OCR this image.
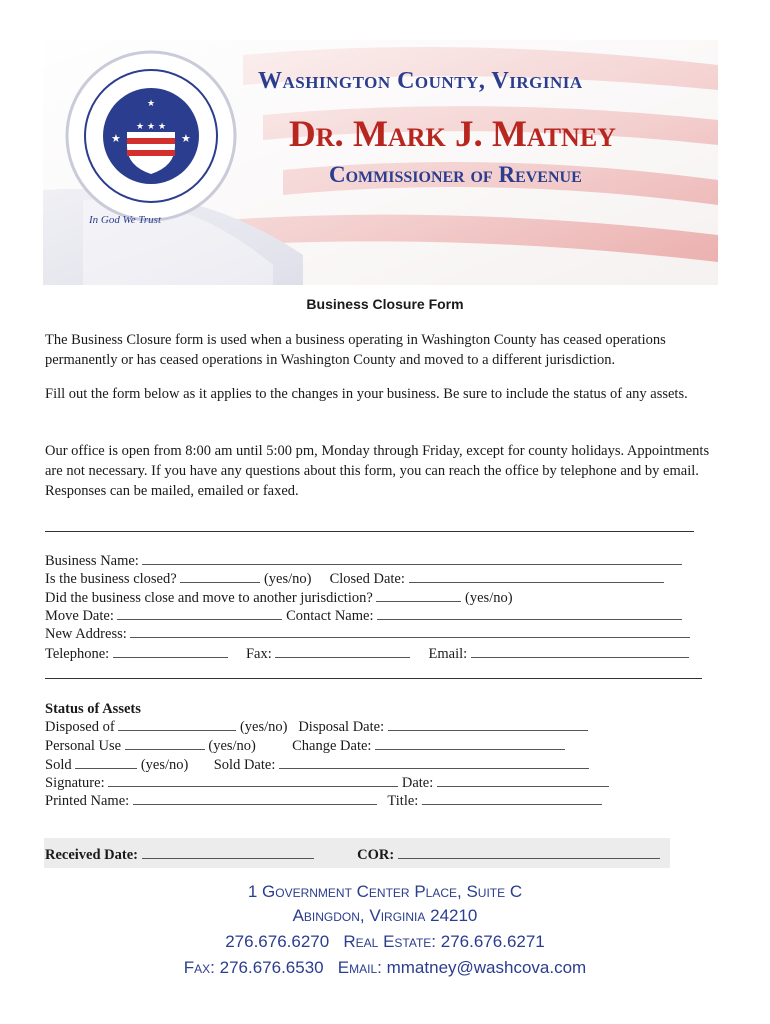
★ ★ ★
★	★
★
Washington County, Virginia
Dr. Mark J. Matney
Commissioner of Revenue
In God We Trust
Business Closure Form
The Business Closure form is used when a business operating in Washington County has ceased operations permanently or has ceased operations in Washington County and moved to a different jurisdiction.
Fill out the form below as it applies to the changes in your business. Be sure to include the status of any assets.
Our office is open from 8:00 am until 5:00 pm, Monday through Friday, except for county holidays. Appointments are not necessary. If you have any questions about this form, you can reach the office by telephone and by email. Responses can be mailed, emailed or faxed.
Business Name:
Is the business closed?	(yes/no) Closed Date:
Did the business close and move to another jurisdiction?	(yes/no)
Move Date:	Contact Name:
New Address:
Telephone:	Fax:	Email:
Status of Assets
Disposed of	(yes/no) Disposal Date:
Personal Use	(yes/no)	Change Date:
Sold	(yes/no) Sold Date:
Signature:	Date:
Printed Name:	Title:
Received Date:	COR:
1 Government Center Place, Suite C
Abingdon, Virginia 24210
276.676.6270 Real Estate: 276.676.6271
Fax: 276.676.6530 Email: mmatney@washcova.com
